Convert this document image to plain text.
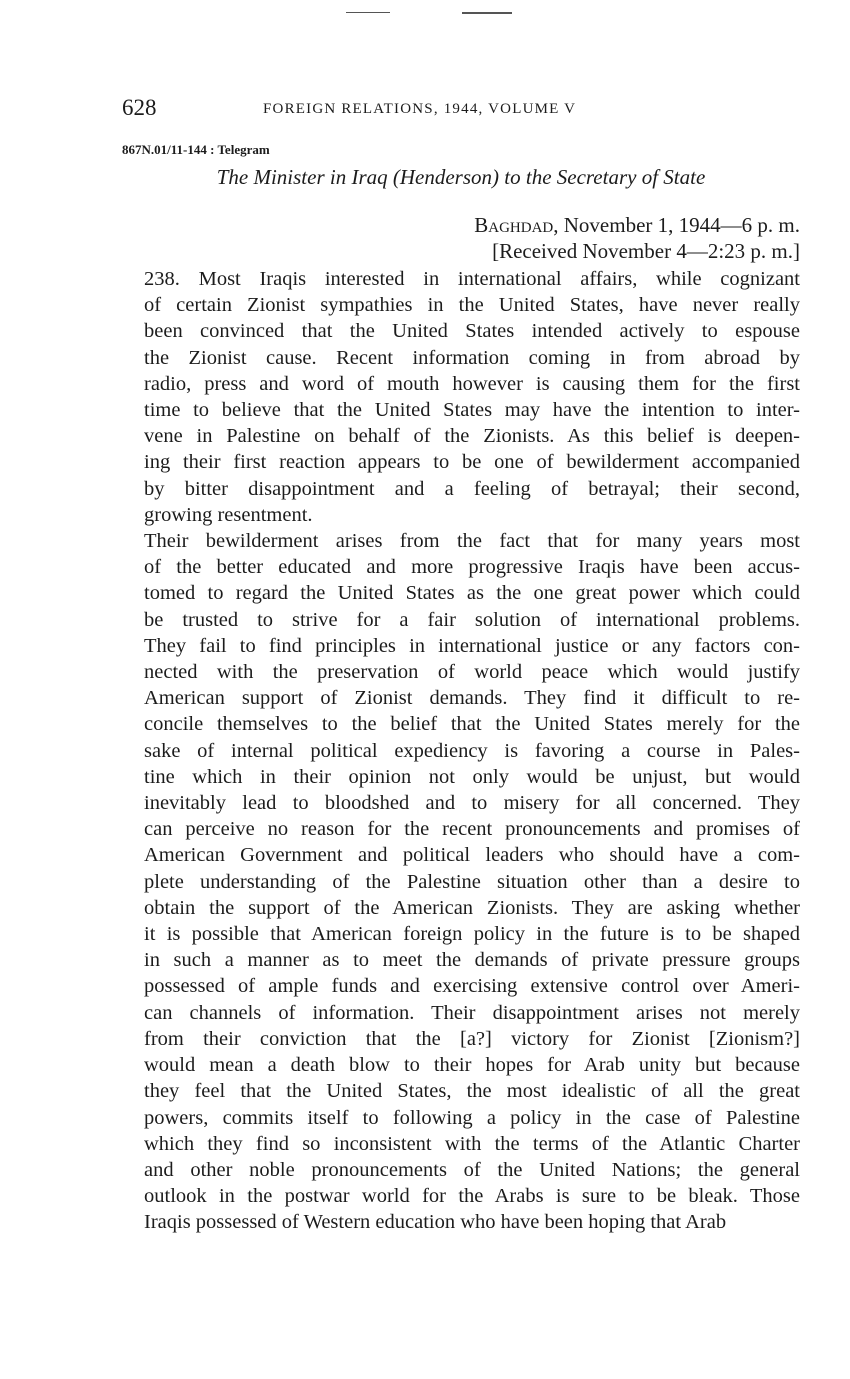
628	FOREIGN RELATIONS, 1944, VOLUME V
867N.01/11-144 : Telegram
The Minister in Iraq (Henderson) to the Secretary of State
Baghdad, November 1, 1944—6 p. m.
[Received November 4—2:23 p. m.]

238. Most Iraqis interested in international affairs, while cognizant
of certain Zionist sympathies in the United States, have never really
been convinced that the United States intended actively to espouse
the Zionist cause. Recent information coming in from abroad by
radio, press and word of mouth however is causing them for the first
time to believe that the United States may have the intention to inter-
vene in Palestine on behalf of the Zionists. As this belief is deepen-
ing their first reaction appears to be one of bewilderment accompanied
by bitter disappointment and a feeling of betrayal; their second,
growing resentment.

Their bewilderment arises from the fact that for many years most
of the better educated and more progressive Iraqis have been accus-
tomed to regard the United States as the one great power which could
be trusted to strive for a fair solution of international problems.
They fail to find principles in international justice or any factors con-
nected with the preservation of world peace which would justify
American support of Zionist demands. They find it difficult to re-
concile themselves to the belief that the United States merely for the
sake of internal political expediency is favoring a course in Pales-
tine which in their opinion not only would be unjust, but would
inevitably lead to bloodshed and to misery for all concerned. They
can perceive no reason for the recent pronouncements and promises of
American Government and political leaders who should have a com-
plete understanding of the Palestine situation other than a desire to
obtain the support of the American Zionists. They are asking whether
it is possible that American foreign policy in the future is to be shaped
in such a manner as to meet the demands of private pressure groups
possessed of ample funds and exercising extensive control over Ameri-
can channels of information. Their disappointment arises not merely
from their conviction that the [a?] victory for Zionist [Zionism?]
would mean a death blow to their hopes for Arab unity but because
they feel that the United States, the most idealistic of all the great
powers, commits itself to following a policy in the case of Palestine
which they find so inconsistent with the terms of the Atlantic Charter
and other noble pronouncements of the United Nations; the general
outlook in the postwar world for the Arabs is sure to be bleak. Those
Iraqis possessed of Western education who have been hoping that Arab
